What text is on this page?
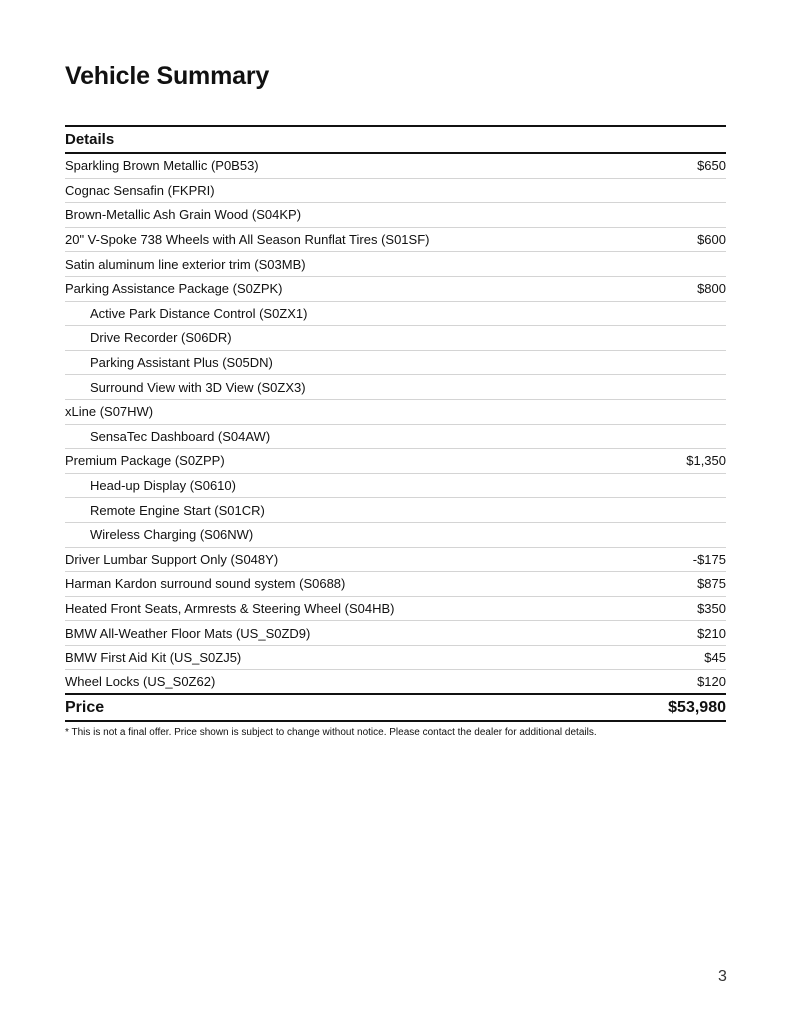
Vehicle Summary
Details
Sparkling Brown Metallic (P0B53)	$650
Cognac Sensafin (FKPRI)
Brown-Metallic Ash Grain Wood (S04KP)
20" V-Spoke 738 Wheels with All Season Runflat Tires (S01SF)	$600
Satin aluminum line exterior trim (S03MB)
Parking Assistance Package (S0ZPK)	$800
Active Park Distance Control (S0ZX1)
Drive Recorder (S06DR)
Parking Assistant Plus (S05DN)
Surround View with 3D View (S0ZX3)
xLine (S07HW)
SensaTec Dashboard (S04AW)
Premium Package (S0ZPP)	$1,350
Head-up Display (S0610)
Remote Engine Start (S01CR)
Wireless Charging (S06NW)
Driver Lumbar Support Only (S048Y)	-$175
Harman Kardon surround sound system (S0688)	$875
Heated Front Seats, Armrests & Steering Wheel (S04HB)	$350
BMW All-Weather Floor Mats (US_S0ZD9)	$210
BMW First Aid Kit (US_S0ZJ5)	$45
Wheel Locks (US_S0Z62)	$120
Price	$53,980
* This is not a final offer. Price shown is subject to change without notice. Please contact the dealer for additional details.
3
